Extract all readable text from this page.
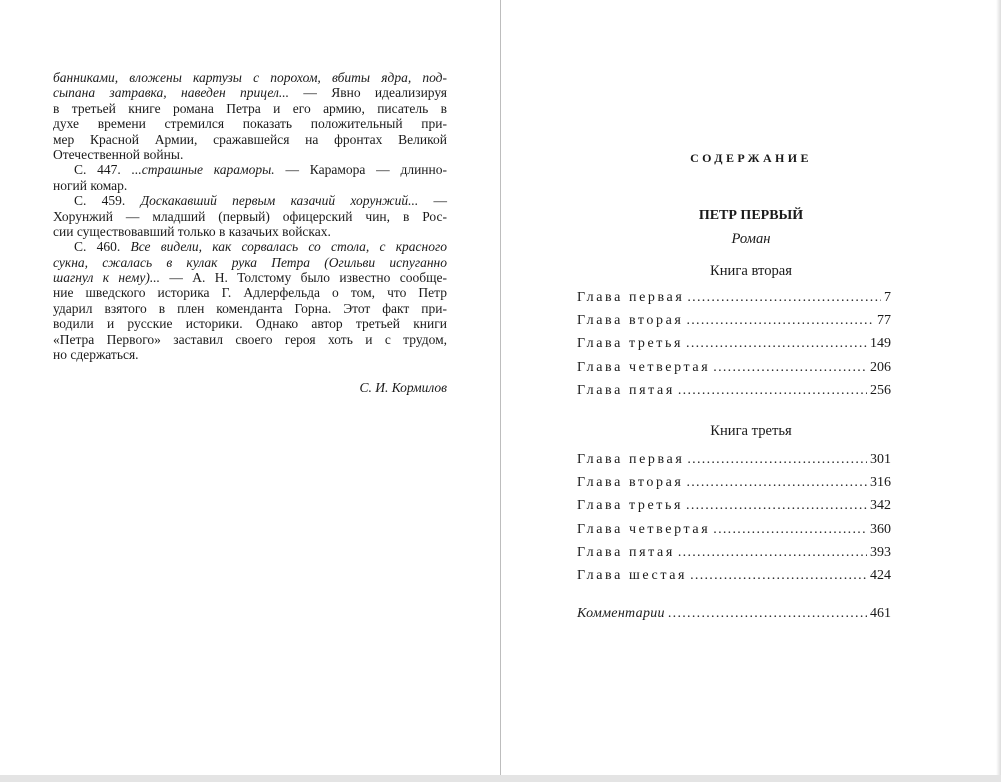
банниками, вложены картузы с порохом, вбиты ядра, под-
сыпана затравка, наведен прицел... — Явно идеализируя
в третьей книге романа Петра и его армию, писатель в
духе времени стремился показать положительный при-
мер Красной Армии, сражавшейся на фронтах Великой
Отечественной войны.
С. 447. ...страшные караморы. — Карамора — длинно-
ногий комар.
С. 459. Доскакавший первым казачий хорунжий... —
Хорунжий — младший (первый) офицерский чин, в Рос-
сии существовавший только в казачьих войсках.
С. 460. Все видели, как сорвалась со стола, с красного
сукна, сжалась в кулак рука Петра (Огильви испуганно
шагнул к нему)... — А. Н. Толстому было известно сообще-
ние шведского историка Г. Адлерфельда о том, что Петр
ударил взятого в плен коменданта Горна. Этот факт при-
водили и русские историки. Однако автор третьей книги
«Петра Первого» заставил своего героя хоть и с трудом,
но сдержаться.
С. И. Кормилов
СОДЕРЖАНИЕ
ПЕТР ПЕРВЫЙ
Роман
Книга вторая
Глава первая .....	7
Глава вторая .....	77
Глава третья .....	149
Глава четвертая .....	206
Глава пятая .....	256
Книга третья
Глава первая .....	301
Глава вторая .....	316
Глава третья .....	342
Глава четвертая .....	360
Глава пятая .....	393
Глава шестая .....	424
Комментарии .....	461
